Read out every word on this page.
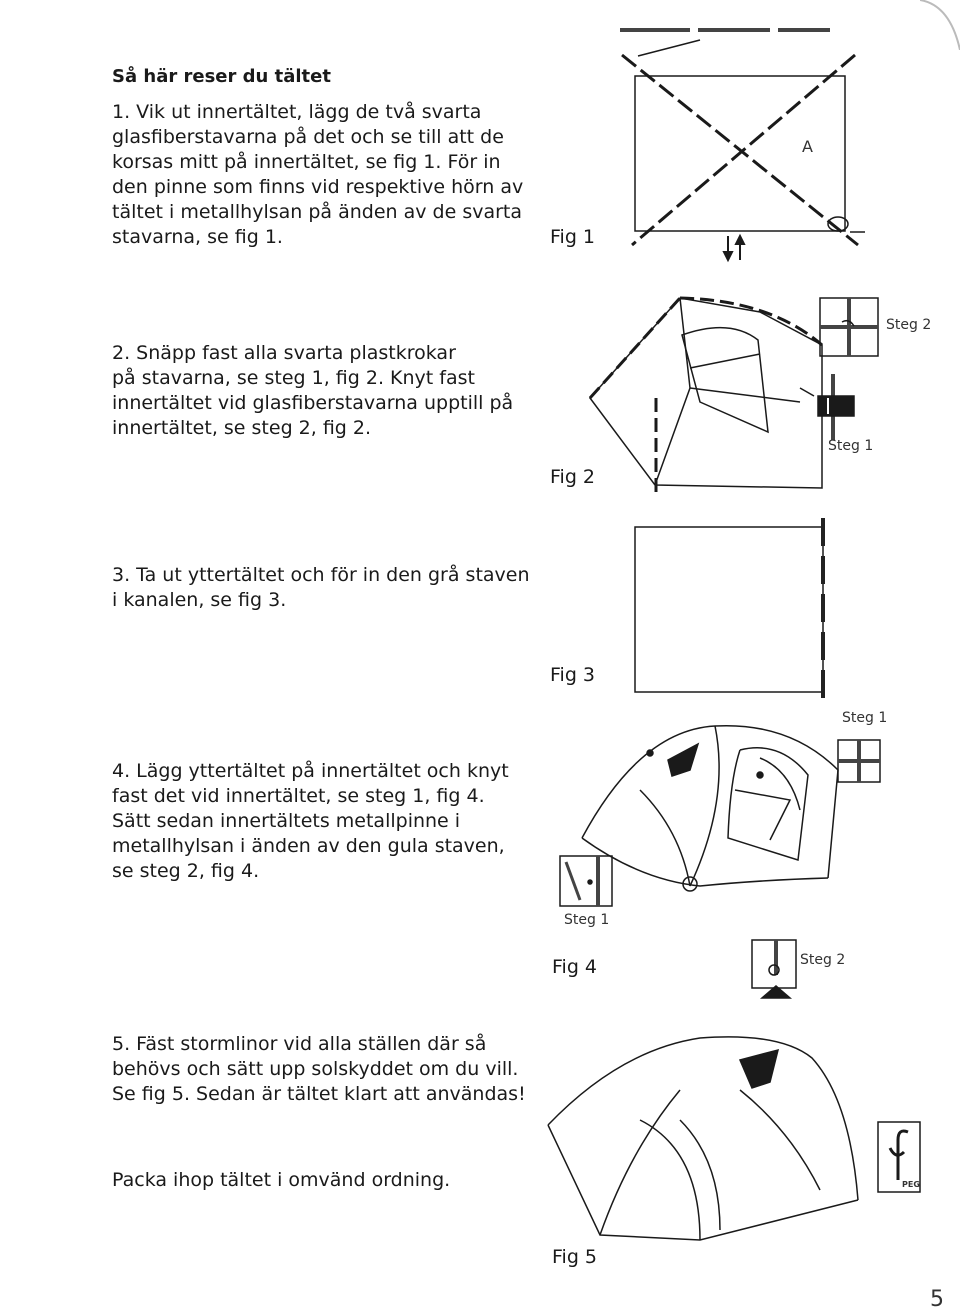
Så här reser du tältet
1. Vik ut innertältet, lägg de två svarta
glasfiberstavarna på det och se till att de
korsas mitt på innertältet, se fig 1. För in
den pinne som finns vid respektive hörn av
tältet i metallhylsan på änden av de svarta
stavarna, se fig 1.
2. Snäpp fast alla svarta plastkrokar
på stavarna, se steg 1, fig 2. Knyt fast
innertältet vid glasfiberstavarna upptill på
innertältet, se steg 2, fig 2.
3. Ta ut yttertältet och för in den grå staven
i kanalen, se fig 3.
4. Lägg yttertältet på innertältet och knyt
fast det vid innertältet, se steg 1, fig 4.
Sätt sedan innertältets metallpinne i
metallhylsan i änden av den gula staven,
se steg 2, fig 4.
5. Fäst stormlinor vid alla ställen där så
behövs och sätt upp solskyddet om du vill.
Se fig 5. Sedan är tältet klart att användas!
Packa ihop tältet i omvänd ordning.
Fig 1
A
Fig 2
Steg 2
Steg 1
Fig 3
Steg 1
Steg 1
Fig 4	Steg 2
PEG
Fig 5
5
